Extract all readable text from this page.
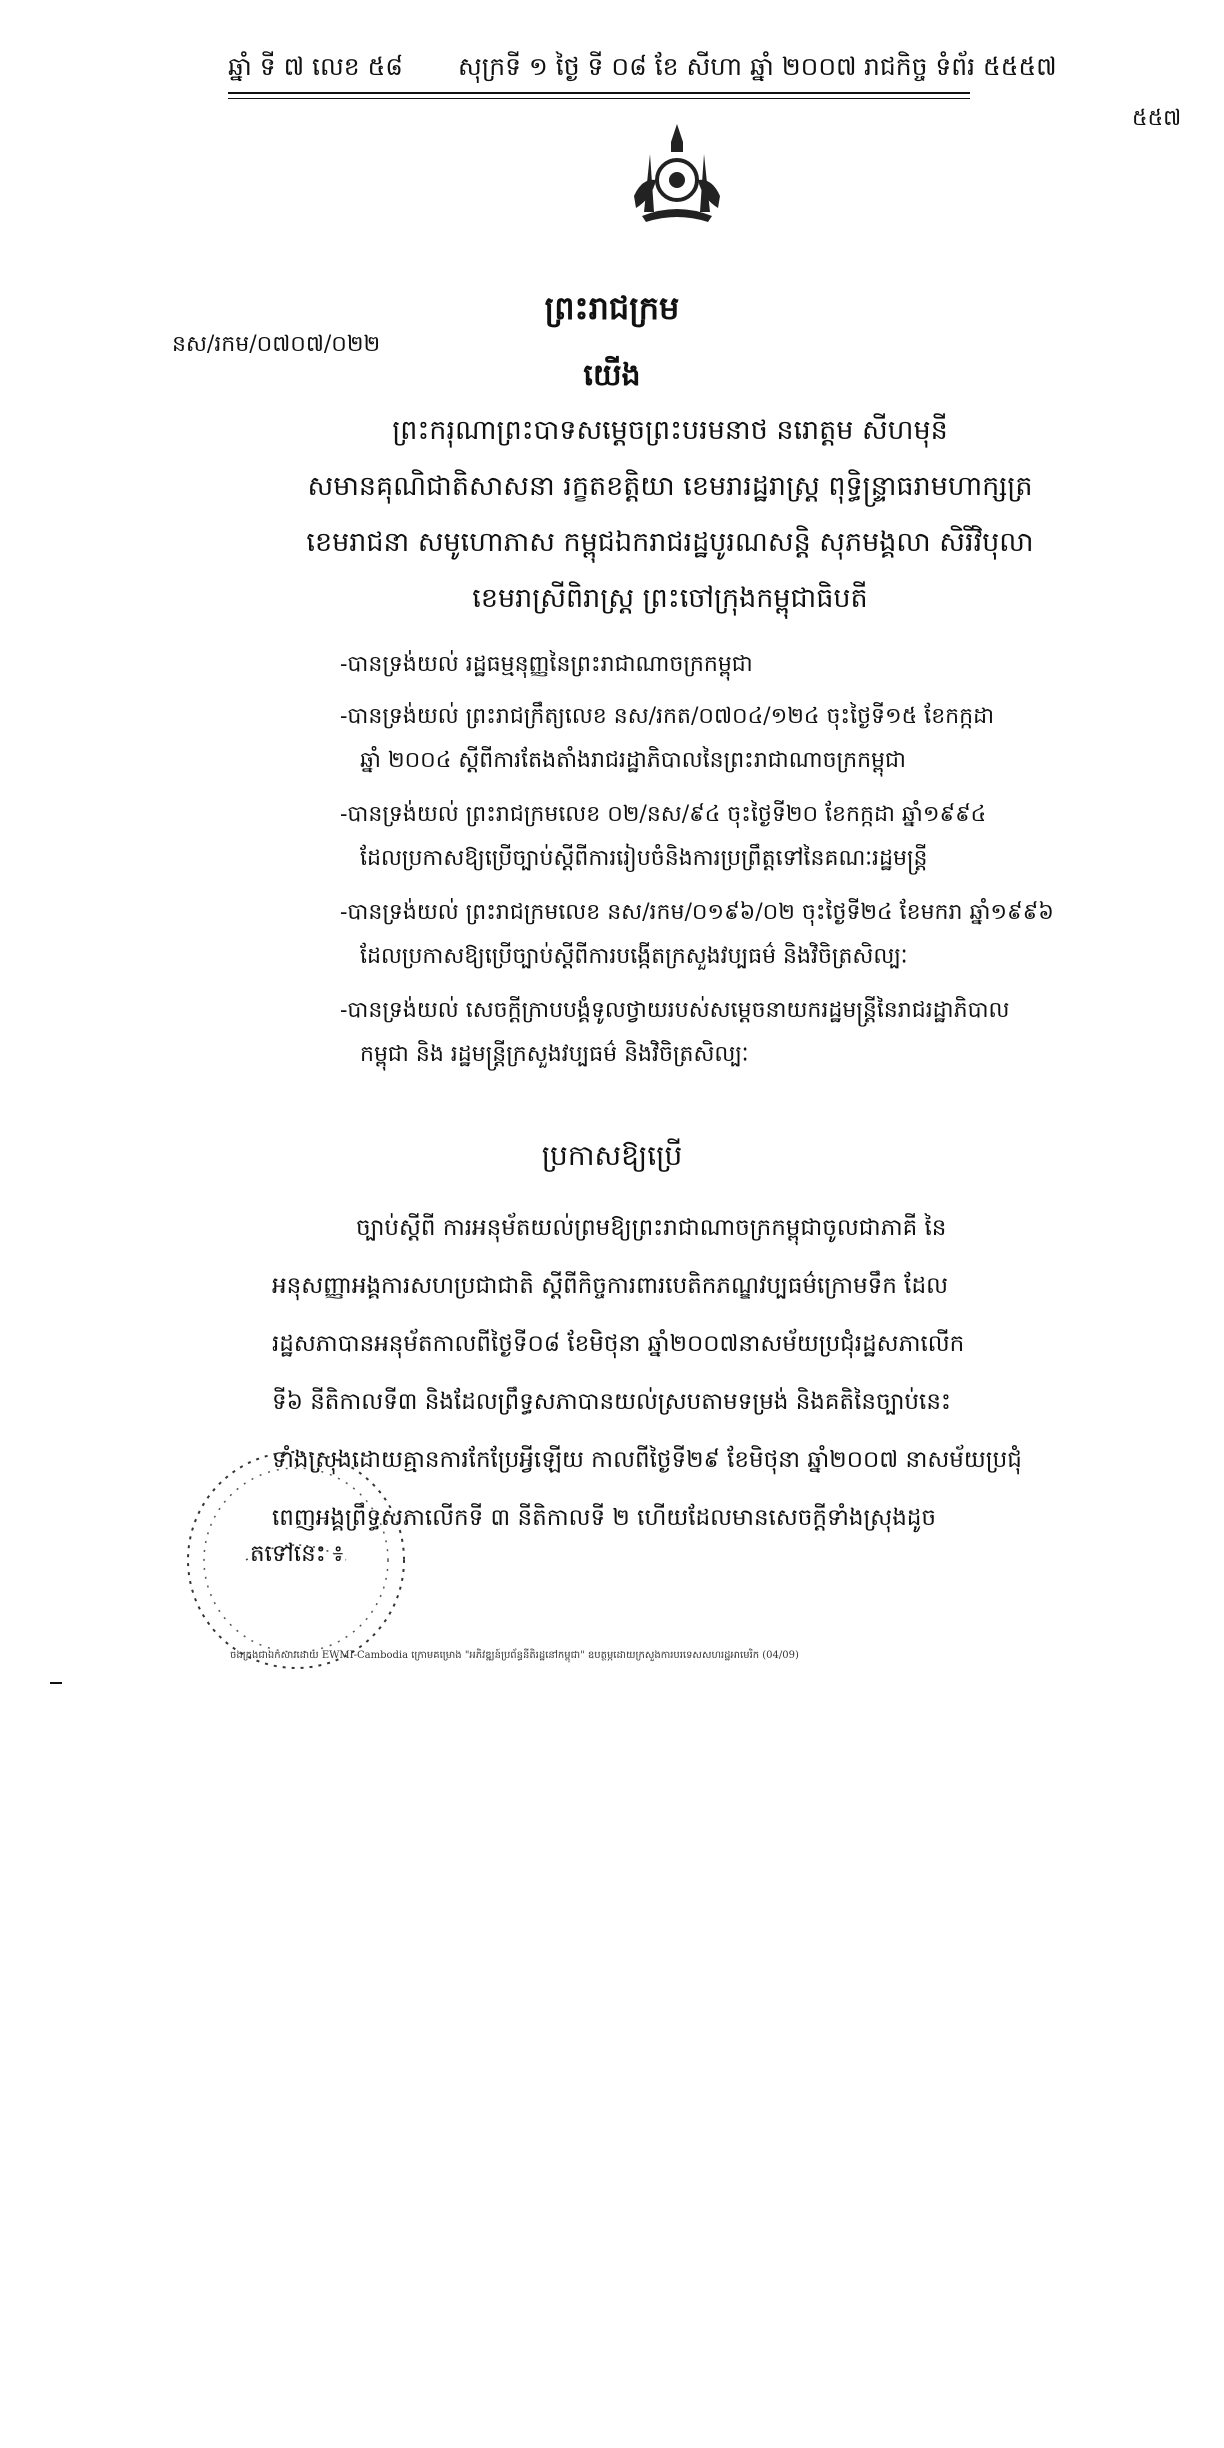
ឆ្នាំ ទី ៧ លេខ ៥៨ សុក្រទី ១ ថ្ងៃ ទី ០៨ ខែ សីហា ឆ្នាំ ២០០៧ រាជកិច្ច ទំព័រ ៥៥៥៧
៥៥៧
ព្រះរាជក្រម
នស/រកម/០៧០៧/០២២
យើង
ព្រះករុណាព្រះបាទសម្ដេចព្រះបរមនាថ នរោត្ដម សីហមុនី
សមានគុណិជាតិសាសនា រក្ខតខត្តិយា ខេមរារដ្ឋរាស្ដ្រ ពុទ្ធិន្ទ្រាធរាមហាក្សត្រ
ខេមរាជនា សមូហោភាស កម្ពុជឯករាជរដ្ឋបូរណសន្តិ សុភមង្គលា សិរីវិបុលា
ខេមរាស្រីពិរាស្ដ្រ ព្រះចៅក្រុងកម្ពុជាធិបតី
-បានទ្រង់យល់ រដ្ឋធម្មនុញ្ញនៃព្រះរាជាណាចក្រកម្ពុជា
-បានទ្រង់យល់ ព្រះរាជក្រឹត្យលេខ នស/រកត/០៧០៤/១២៤ ចុះថ្ងៃទី១៥ ខែកក្កដា
ឆ្នាំ ២០០៤ ស្ដីពីការតែងតាំងរាជរដ្ឋាភិបាលនៃព្រះរាជាណាចក្រកម្ពុជា
-បានទ្រង់យល់ ព្រះរាជក្រមលេខ ០២/នស/៩៤ ចុះថ្ងៃទី២០ ខែកក្កដា ឆ្នាំ១៩៩៤
ដែលប្រកាសឱ្យប្រើច្បាប់ស្ដីពីការរៀបចំនិងការប្រព្រឹត្តទៅនៃគណៈរដ្ឋមន្ត្រី
-បានទ្រង់យល់ ព្រះរាជក្រមលេខ នស/រកម/០១៩៦/០២ ចុះថ្ងៃទី២៤ ខែមករា ឆ្នាំ១៩៩៦
ដែលប្រកាសឱ្យប្រើច្បាប់ស្ដីពីការបង្កើតក្រសួងវប្បធម៌ និងវិចិត្រសិល្បៈ
-បានទ្រង់យល់ សេចក្ដីក្រាបបង្គំទូលថ្វាយរបស់សម្ដេចនាយករដ្ឋមន្ត្រីនៃរាជរដ្ឋាភិបាល
កម្ពុជា និង រដ្ឋមន្ត្រីក្រសួងវប្បធម៌ និងវិចិត្រសិល្បៈ
ប្រកាសឱ្យប្រើ
ច្បាប់ស្ដីពី ការអនុម័តយល់ព្រមឱ្យព្រះរាជាណាចក្រកម្ពុជាចូលជាភាគី នៃ
អនុសញ្ញាអង្គការសហប្រជាជាតិ ស្ដីពីកិច្ចការពារបេតិកភណ្ឌវប្បធម៌ក្រោមទឹក ដែល
រដ្ឋសភាបានអនុម័តកាលពីថ្ងៃទី០៨ ខែមិថុនា ឆ្នាំ២០០៧នាសម័យប្រជុំរដ្ឋសភាលើក
ទី៦ នីតិកាលទី៣ និងដែលព្រឹទ្ធសភាបានយល់ស្របតាមទម្រង់ និងគតិនៃច្បាប់នេះ
ទាំងស្រុងដោយគ្មានការកែប្រែអ្វីឡើយ កាលពីថ្ងៃទី២៩ ខែមិថុនា ឆ្នាំ២០០៧ នាសម័យប្រជុំ
ពេញអង្គព្រឹទ្ធសភាលើកទី ៣ នីតិកាលទី ២ ហើយដែលមានសេចក្ដីទាំងស្រុងដូច
តទៅនេះ ៖
ចងក្រងជាឯកសារដោយ EWMI-Cambodia ក្រោមគម្រោង "អភិវឌ្ឍន៍ប្រព័ន្ធនីតិរដ្ឋនៅកម្ពុជា" ឧបត្ថម្ភដោយក្រសួងការបរទេសសហរដ្ឋអាមេរិក (04/09)
